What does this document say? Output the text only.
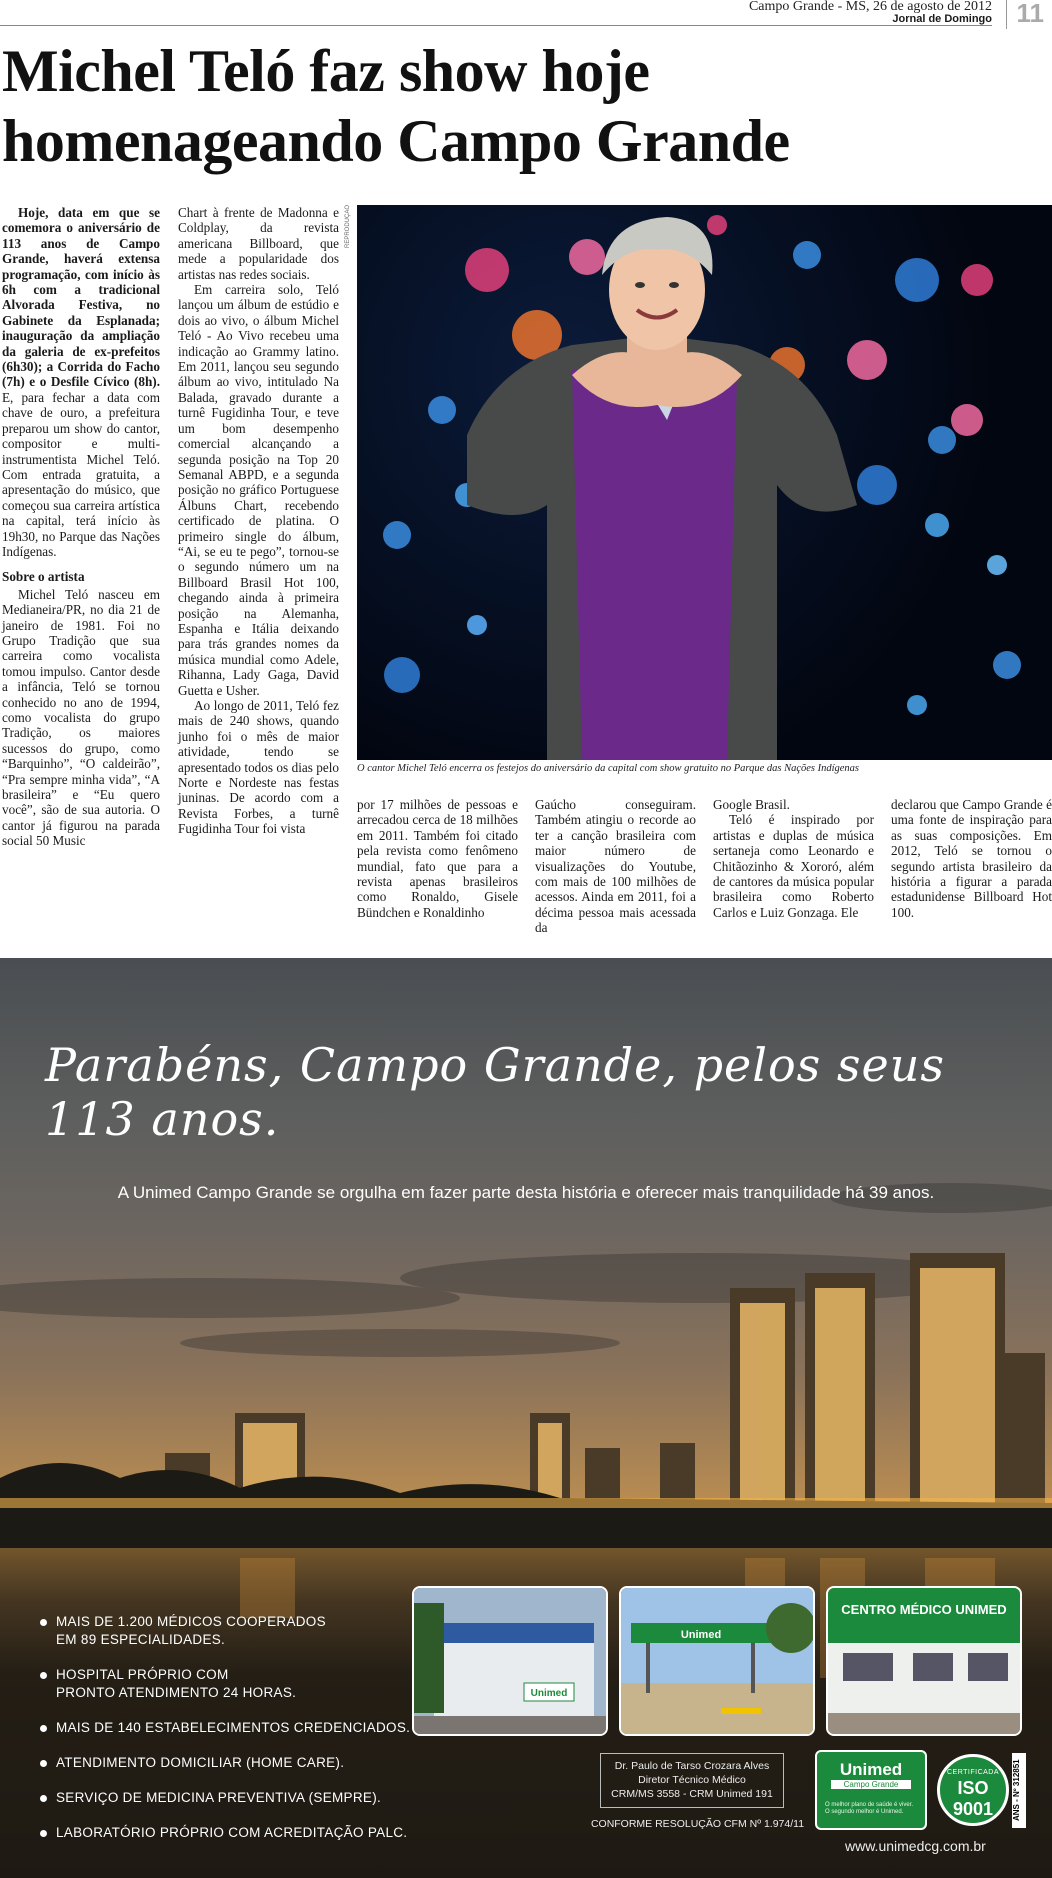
Campo Grande - MS, 26 de agosto de 2012
Jornal de Domingo 11
Michel Teló faz show hoje
homenageando Campo Grande

Hoje, data em que se comemora o aniversário de 113 anos de Campo Grande, haverá extensa programação, com início às 6h com a tradicional Alvorada Festiva, no Gabinete da Esplanada; inauguração da ampliação da galeria de ex-prefeitos (6h30); a Corrida do Facho (7h) e o Desfile Cívico (8h). E, para fechar a data com chave de ouro, a prefeitura preparou um show do cantor, compositor e multi-instrumentista Michel Teló. Com entrada gratuita, a apresentação do músico, que começou sua carreira artística na capital, terá início às 19h30, no Parque das Nações Indígenas.

Sobre o artista

Michel Teló nasceu em Medianeira/PR, no dia 21 de janeiro de 1981. Foi no Grupo Tradição que sua carreira como vocalista tomou impulso. Cantor desde a infância, Teló se tornou conhecido no ano de 1994, como vocalista do grupo Tradição, os maiores sucessos do grupo, como “Barquinho”, “O caldeirão”, “Pra sempre minha vida”, “A brasileira” e “Eu quero você”, são de sua autoria. O cantor já figurou na parada social 50 Music

Chart à frente de Madonna e Coldplay, da revista americana Billboard, que mede a popularidade dos artistas nas redes sociais.

Em carreira solo, Teló lançou um álbum de estúdio e dois ao vivo, o álbum Michel Teló - Ao Vivo recebeu uma indicação ao Grammy latino. Em 2011, lançou seu segundo álbum ao vivo, intitulado Na Balada, gravado durante a turnê Fugidinha Tour, e teve um bom desempenho comercial alcançando a segunda posição na Top 20 Semanal ABPD, e a segunda posição no gráfico Portuguese Álbuns Chart, recebendo certificado de platina. O primeiro single do álbum, “Ai, se eu te pego”, tornou-se o segundo número um na Billboard Brasil Hot 100, chegando ainda à primeira posição na Alemanha, Espanha e Itália deixando para trás grandes nomes da música mundial como Adele, Rihanna, Lady Gaga, David Guetta e Usher.

Ao longo de 2011, Teló fez mais de 240 shows, quando junho foi o mês de maior atividade, tendo se apresentado todos os dias pelo Norte e Nordeste nas festas juninas. De acordo com a Revista Forbes, a turnê Fugidinha Tour foi vista

REPRODUÇÃO
O cantor Michel Teló encerra os festejos do aniversário da capital com show gratuito no Parque das Nações Indígenas

por 17 milhões de pessoas e arrecadou cerca de 18 milhões em 2011. Também foi citado pela revista como fenômeno mundial, fato que para a revista apenas brasileiros como Ronaldo, Gisele Bündchen e Ronaldinho

Gaúcho conseguiram. Também atingiu o recorde ao ter a canção brasileira com maior número de visualizações do Youtube, com mais de 100 milhões de acessos. Ainda em 2011, foi a décima pessoa mais acessada da

Google Brasil.

Teló é inspirado por artistas e duplas de música sertaneja como Leonardo e Chitãozinho & Xororó, além de cantores da música popular brasileira como Roberto Carlos e Luiz Gonzaga. Ele

declarou que Campo Grande é uma fonte de inspiração para as suas composições. Em 2012, Teló se tornou o segundo artista brasileiro da história a figurar a parada estadunidense Billboard Hot 100.

Parabéns, Campo Grande, pelos seus 113 anos.
A Unimed Campo Grande se orgulha em fazer parte desta história e oferecer mais tranquilidade há 39 anos.
MAIS DE 1.200 MÉDICOS COOPERADOS
EM 89 ESPECIALIDADES.
HOSPITAL PRÓPRIO COM
PRONTO ATENDIMENTO 24 HORAS.
MAIS DE 140 ESTABELECIMENTOS CREDENCIADOS.
ATENDIMENTO DOMICILIAR (HOME CARE).
SERVIÇO DE MEDICINA PREVENTIVA (SEMPRE).
LABORATÓRIO PRÓPRIO COM ACREDITAÇÃO PALC.
Unimed
Unimed
CENTRO MÉDICO UNIMED
Dr. Paulo de Tarso Crozara Alves
Diretor Técnico Médico
CRM/MS 3558 - CRM Unimed 191
CONFORME RESOLUÇÃO CFM Nº 1.974/11
Unimed
Campo Grande
O melhor plano de saúde é viver. O segundo melhor é Unimed.
CERTIFICADA
ISO 9001	ANS - Nº 312851
www.unimedcg.com.br
